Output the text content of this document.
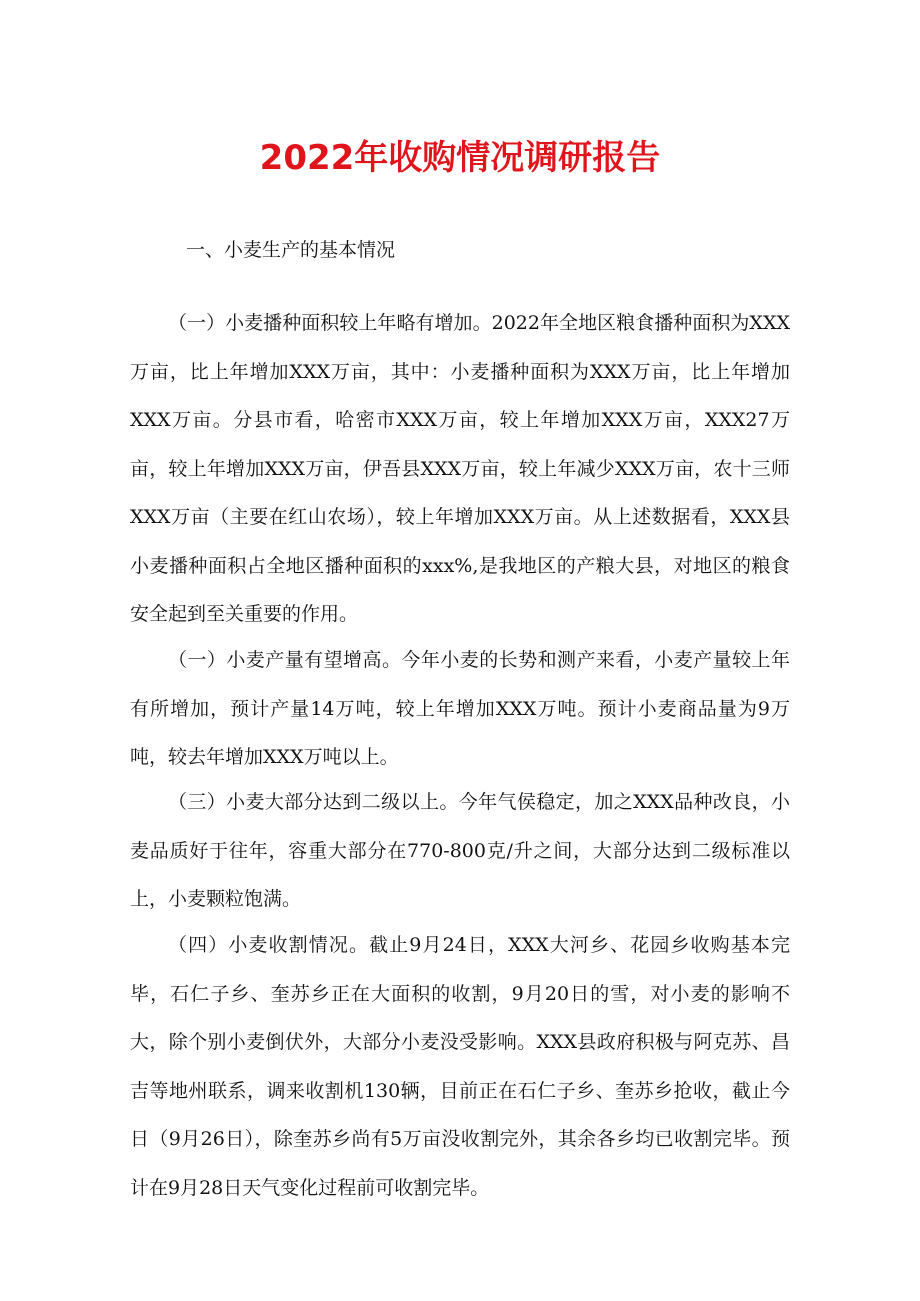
2022年收购情况调研报告
一、小麦生产的基本情况

（一）小麦播种面积较上年略有增加。2022年全地区粮食播种面积为XXX万亩，比上年增加XXX万亩，其中：小麦播种面积为XXX万亩，比上年增加XXX万亩。分县市看，哈密市XXX万亩，较上年增加XXX万亩，XXX27万亩，较上年增加XXX万亩，伊吾县XXX万亩，较上年减少XXX万亩，农十三师XXX万亩（主要在红山农场），较上年增加XXX万亩。从上述数据看，XXX县小麦播种面积占全地区播种面积的xxx%,是我地区的产粮大县，对地区的粮食安全起到至关重要的作用。

（一）小麦产量有望增高。今年小麦的长势和测产来看，小麦产量较上年有所增加，预计产量14万吨，较上年增加XXX万吨。预计小麦商品量为9万吨，较去年增加XXX万吨以上。

（三）小麦大部分达到二级以上。今年气侯稳定，加之XXX品种改良，小麦品质好于往年，容重大部分在770-800克/升之间，大部分达到二级标准以上，小麦颗粒饱满。

（四）小麦收割情况。截止9月24日，XXX大河乡、花园乡收购基本完毕，石仁子乡、奎苏乡正在大面积的收割，9月20日的雪，对小麦的影响不大，除个别小麦倒伏外，大部分小麦没受影响。XXX县政府积极与阿克苏、昌吉等地州联系，调来收割机130辆，目前正在石仁子乡、奎苏乡抢收，截止今日（9月26日），除奎苏乡尚有5万亩没收割完外，其余各乡均已收割完毕。预计在9月28日天气变化过程前可收割完毕。
